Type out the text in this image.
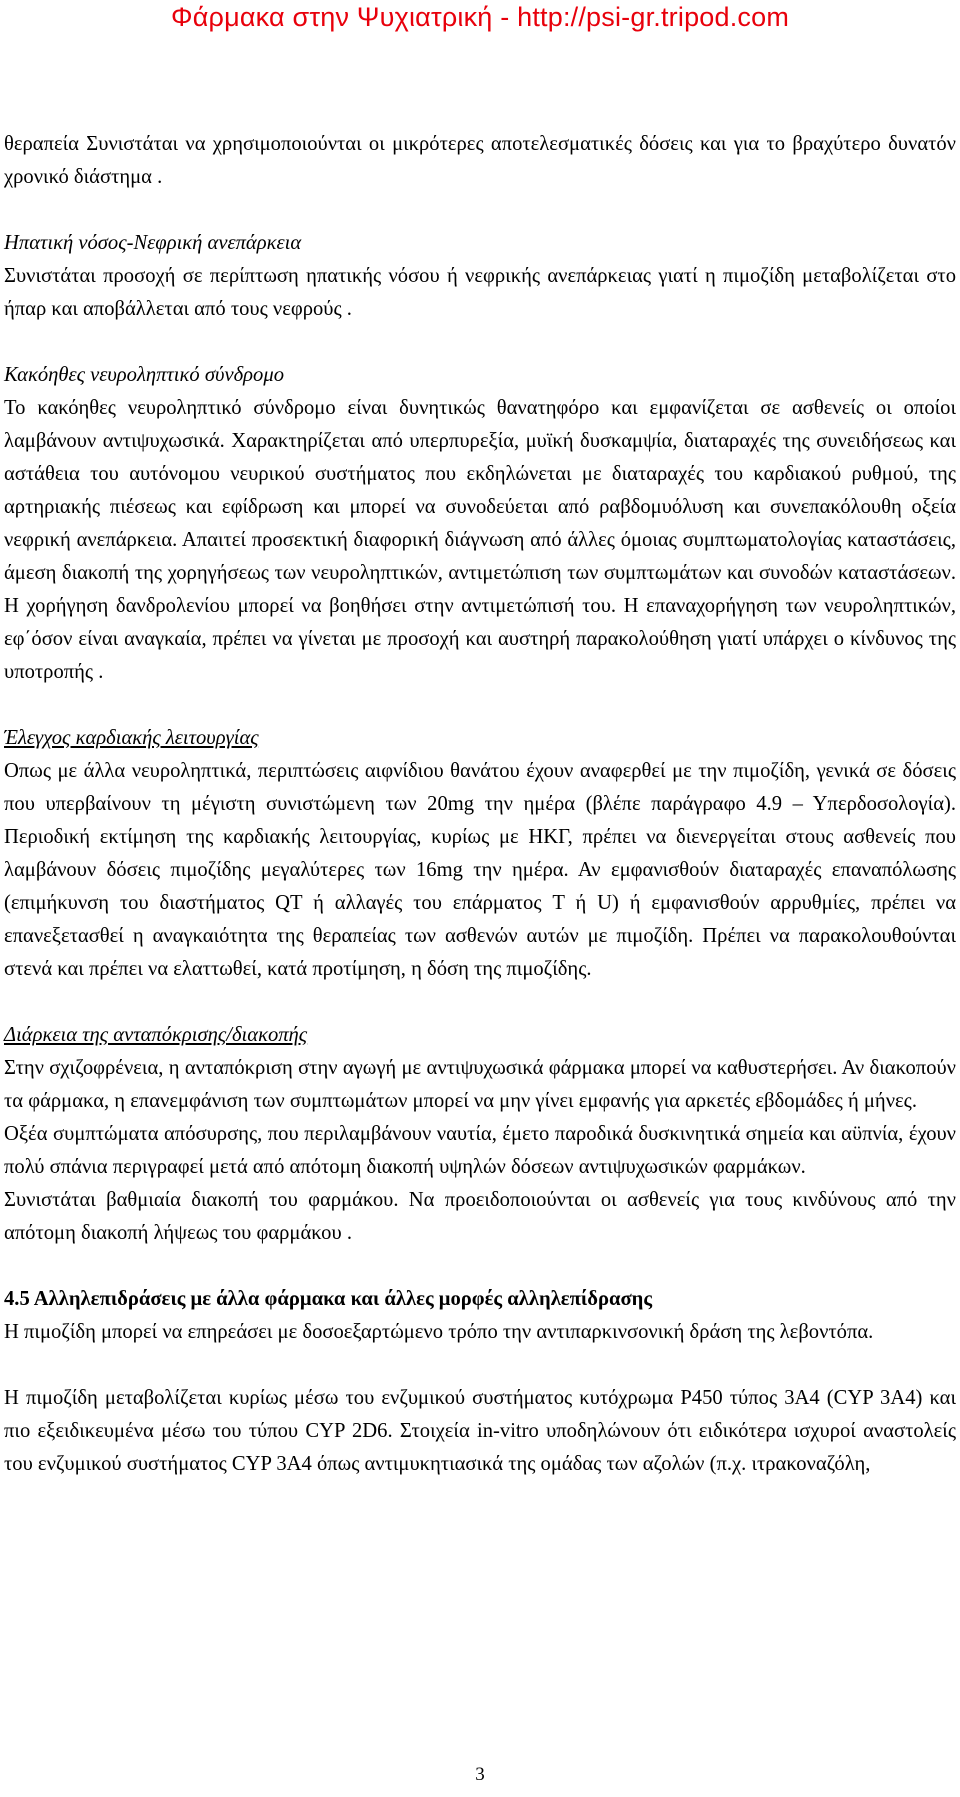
Φάρμακα στην Ψυχιατρική - http://psi-gr.tripod.com

θεραπεία Συνιστάται να χρησιμοποιούνται οι μικρότερες αποτελεσματικές δόσεις και για το βραχύτερο δυνατόν χρονικό διάστημα .

Ηπατική νόσος-Νεφρική ανεπάρκεια

Συνιστάται προσοχή σε περίπτωση ηπατικής νόσου ή νεφρικής ανεπάρκειας γιατί η πιμοζίδη μεταβολίζεται στο ήπαρ και αποβάλλεται από τους νεφρούς .

Κακόηθες νευροληπτικό σύνδρομο

Το κακόηθες νευροληπτικό σύνδρομο είναι δυνητικώς θανατηφόρο και εμφανίζεται σε ασθενείς οι οποίοι λαμβάνουν αντιψυχωσικά. Χαρακτηρίζεται από υπερπυρεξία, μυϊκή δυσκαμψία, διαταραχές της συνειδήσεως και αστάθεια του αυτόνομου νευρικού συστήματος που εκδηλώνεται με διαταραχές του καρδιακού ρυθμού, της αρτηριακής πιέσεως και εφίδρωση και μπορεί να συνοδεύεται από ραβδομυόλυση και συνεπακόλουθη οξεία νεφρική ανεπάρκεια. Απαιτεί προσεκτική διαφορική διάγνωση από άλλες όμοιας συμπτωματολογίας καταστάσεις, άμεση διακοπή της χορηγήσεως των νευροληπτικών, αντιμετώπιση των συμπτωμάτων και συνοδών καταστάσεων. Η χορήγηση δανδρολενίου μπορεί να βοηθήσει στην αντιμετώπισή του. Η επαναχορήγηση των νευροληπτικών, εφ΄όσον είναι αναγκαία, πρέπει να γίνεται με προσοχή και αυστηρή παρακολούθηση γιατί υπάρχει ο κίνδυνος της υποτροπής .

Έλεγχος καρδιακής λειτουργίας

Οπως με άλλα νευροληπτικά, περιπτώσεις αιφνίδιου θανάτου έχουν αναφερθεί με την πιμοζίδη, γενικά σε δόσεις που υπερβαίνουν τη μέγιστη συνιστώμενη των 20mg την ημέρα (βλέπε παράγραφο 4.9 – Υπερδοσολογία). Περιοδική εκτίμηση της καρδιακής λειτουργίας, κυρίως με ΗΚΓ, πρέπει να διενεργείται στους ασθενείς που λαμβάνουν δόσεις πιμοζίδης μεγαλύτερες των 16mg την ημέρα. Αν εμφανισθούν διαταραχές επαναπόλωσης (επιμήκυνση του διαστήματος QT ή αλλαγές του επάρματος T ή U) ή εμφανισθούν αρρυθμίες, πρέπει να επανεξετασθεί η αναγκαιότητα της θεραπείας των ασθενών αυτών με πιμοζίδη. Πρέπει να παρακολουθούνται στενά και πρέπει να ελαττωθεί, κατά προτίμηση, η δόση της πιμοζίδης.

Διάρκεια της ανταπόκρισης/διακοπής

Στην σχιζοφρένεια, η ανταπόκριση στην αγωγή με αντιψυχωσικά φάρμακα μπορεί να καθυστερήσει. Αν διακοπούν τα φάρμακα, η επανεμφάνιση των συμπτωμάτων μπορεί να μην γίνει εμφανής για αρκετές εβδομάδες ή μήνες.

Οξέα συμπτώματα απόσυρσης, που περιλαμβάνουν ναυτία, έμετο παροδικά δυσκινητικά σημεία και αϋπνία, έχουν πολύ σπάνια περιγραφεί μετά από απότομη διακοπή υψηλών δόσεων αντιψυχωσικών φαρμάκων.

Συνιστάται βαθμιαία διακοπή του φαρμάκου. Να προειδοποιούνται οι ασθενείς για τους κινδύνους από την απότομη διακοπή λήψεως του φαρμάκου .

4.5 Αλληλεπιδράσεις με άλλα φάρμακα και άλλες μορφές αλληλεπίδρασης

Η πιμοζίδη μπορεί να επηρεάσει με δοσοεξαρτώμενο τρόπο την αντιπαρκινσονική δράση της λεβοντόπα.

Η πιμοζίδη μεταβολίζεται κυρίως μέσω του ενζυμικού συστήματος κυτόχρωμα P450 τύπος 3A4 (CYP 3A4) και πιο εξειδικευμένα μέσω του τύπου CYP 2D6. Στοιχεία in-vitro υποδηλώνουν ότι ειδικότερα ισχυροί αναστολείς του ενζυμικού συστήματος CYP 3A4 όπως αντιμυκητιασικά της ομάδας των αζολών (π.χ. ιτρακοναζόλη,

3
